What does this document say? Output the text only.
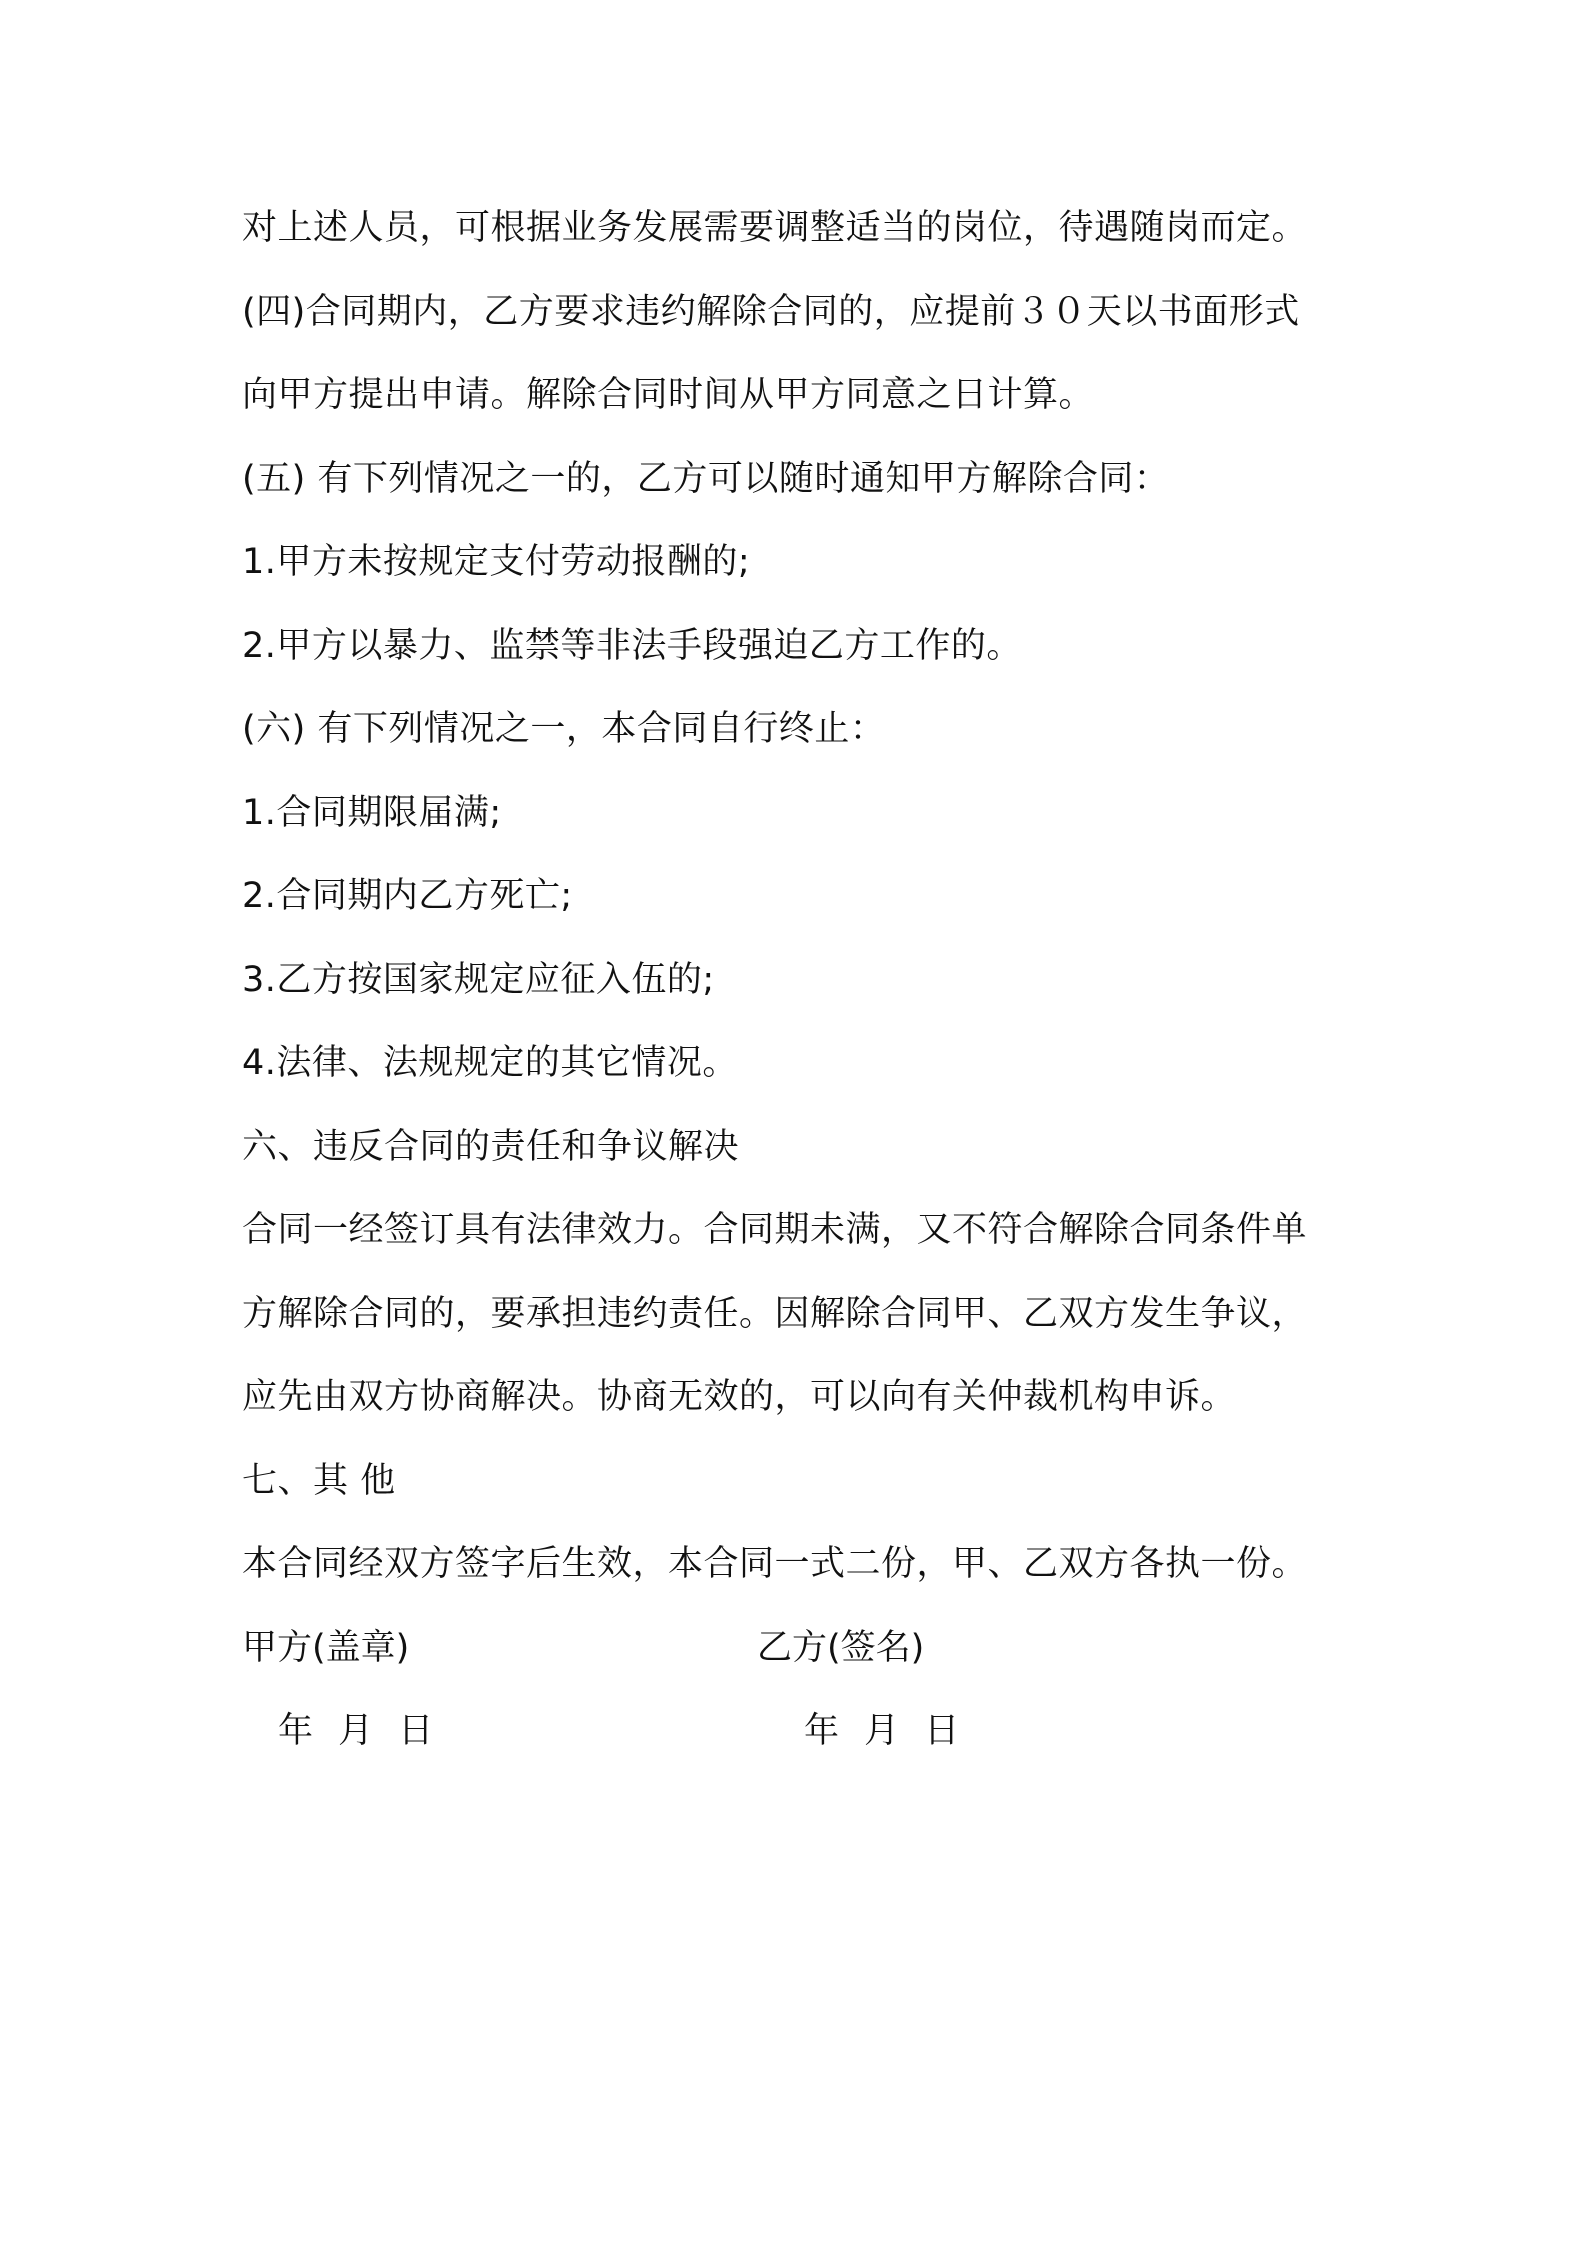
对上述人员，可根据业务发展需要调整适当的岗位，待遇随岗而定。
(四)合同期内，乙方要求违约解除合同的，应提前３０天以书面形式
向甲方提出申请。解除合同时间从甲方同意之日计算。
(五) 有下列情况之一的，乙方可以随时通知甲方解除合同：
1.甲方未按规定支付劳动报酬的;
2.甲方以暴力、监禁等非法手段强迫乙方工作的。
(六) 有下列情况之一，本合同自行终止：
1.合同期限届满;
2.合同期内乙方死亡;
3.乙方按国家规定应征入伍的;
4.法律、法规规定的其它情况。
六、违反合同的责任和争议解决
合同一经签订具有法律效力。合同期未满，又不符合解除合同条件单
方解除合同的，要承担违约责任。因解除合同甲、乙双方发生争议，
应先由双方协商解决。协商无效的，可以向有关仲裁机构申诉。
七、其 他
本合同经双方签字后生效，本合同一式二份，甲、乙双方各执一份。
甲方(盖章)	乙方(签名)
年 月 日	年 月 日
